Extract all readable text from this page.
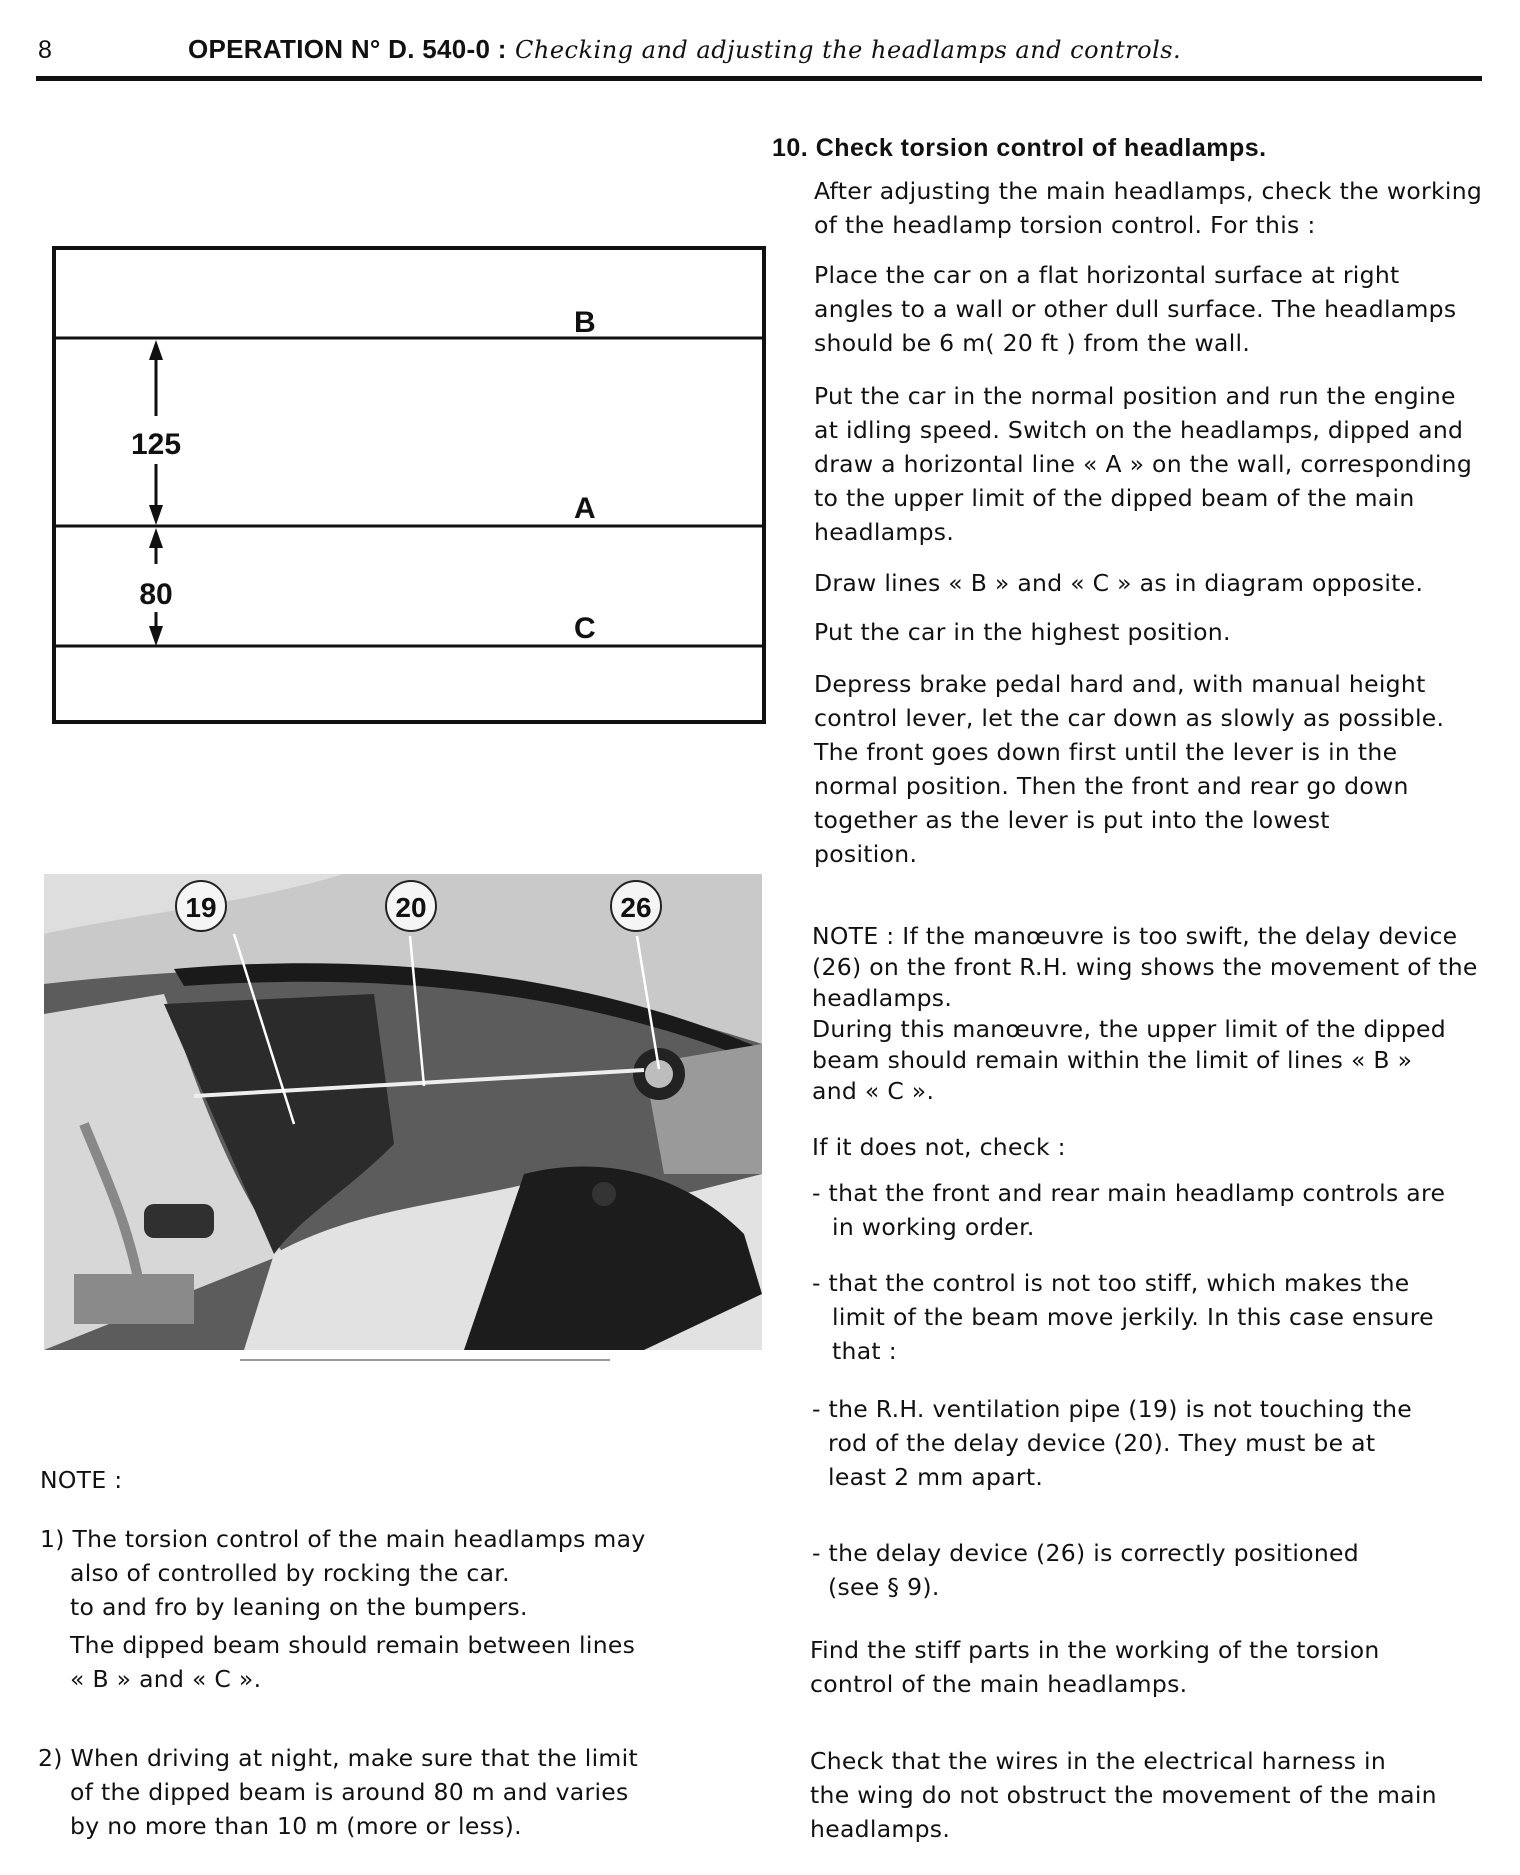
8	OPERATION N° D. 540-0 : Checking and adjusting the headlamps and controls.
B
A
C
125
80
19	20	26
NOTE :
1) The torsion control of the main headlamps may
also of controlled by rocking the car.
to and fro by leaning on the bumpers.
The dipped beam should remain between lines
« B » and « C ».
2) When driving at night, make sure that the limit
of the dipped beam is around 80 m and varies
by no more than 10 m (more or less).
10. Check torsion control of headlamps.
After adjusting the main headlamps, check the working
of the headlamp torsion control. For this :
Place the car on a flat horizontal surface at right
angles to a wall or other dull surface. The headlamps
should be 6 m( 20 ft ) from the wall.
Put the car in the normal position and run the engine
at idling speed. Switch on the headlamps, dipped and
draw a horizontal line « A » on the wall, corresponding
to the upper limit of the dipped beam of the main
headlamps.
Draw lines « B » and « C » as in diagram opposite.
Put the car in the highest position.
Depress brake pedal hard and, with manual height
control lever, let the car down as slowly as possible.
The front goes down first until the lever is in the
normal position. Then the front and rear go down
together as the lever is put into the lowest
position.
NOTE : If the manœuvre is too swift, the delay device
(26) on the front R.H. wing shows the movement of the
headlamps.
During this manœuvre, the upper limit of the dipped
beam should remain within the limit of lines « B »
and « C ».
If it does not, check :
- that the front and rear main headlamp controls are
in working order.
- that the control is not too stiff, which makes the
limit of the beam move jerkily. In this case ensure
that :
- the R.H. ventilation pipe (19) is not touching the
rod of the delay device (20). They must be at
least 2 mm apart.
- the delay device (26) is correctly positioned
(see § 9).
Find the stiff parts in the working of the torsion
control of the main headlamps.
Check that the wires in the electrical harness in
the wing do not obstruct the movement of the main
headlamps.
